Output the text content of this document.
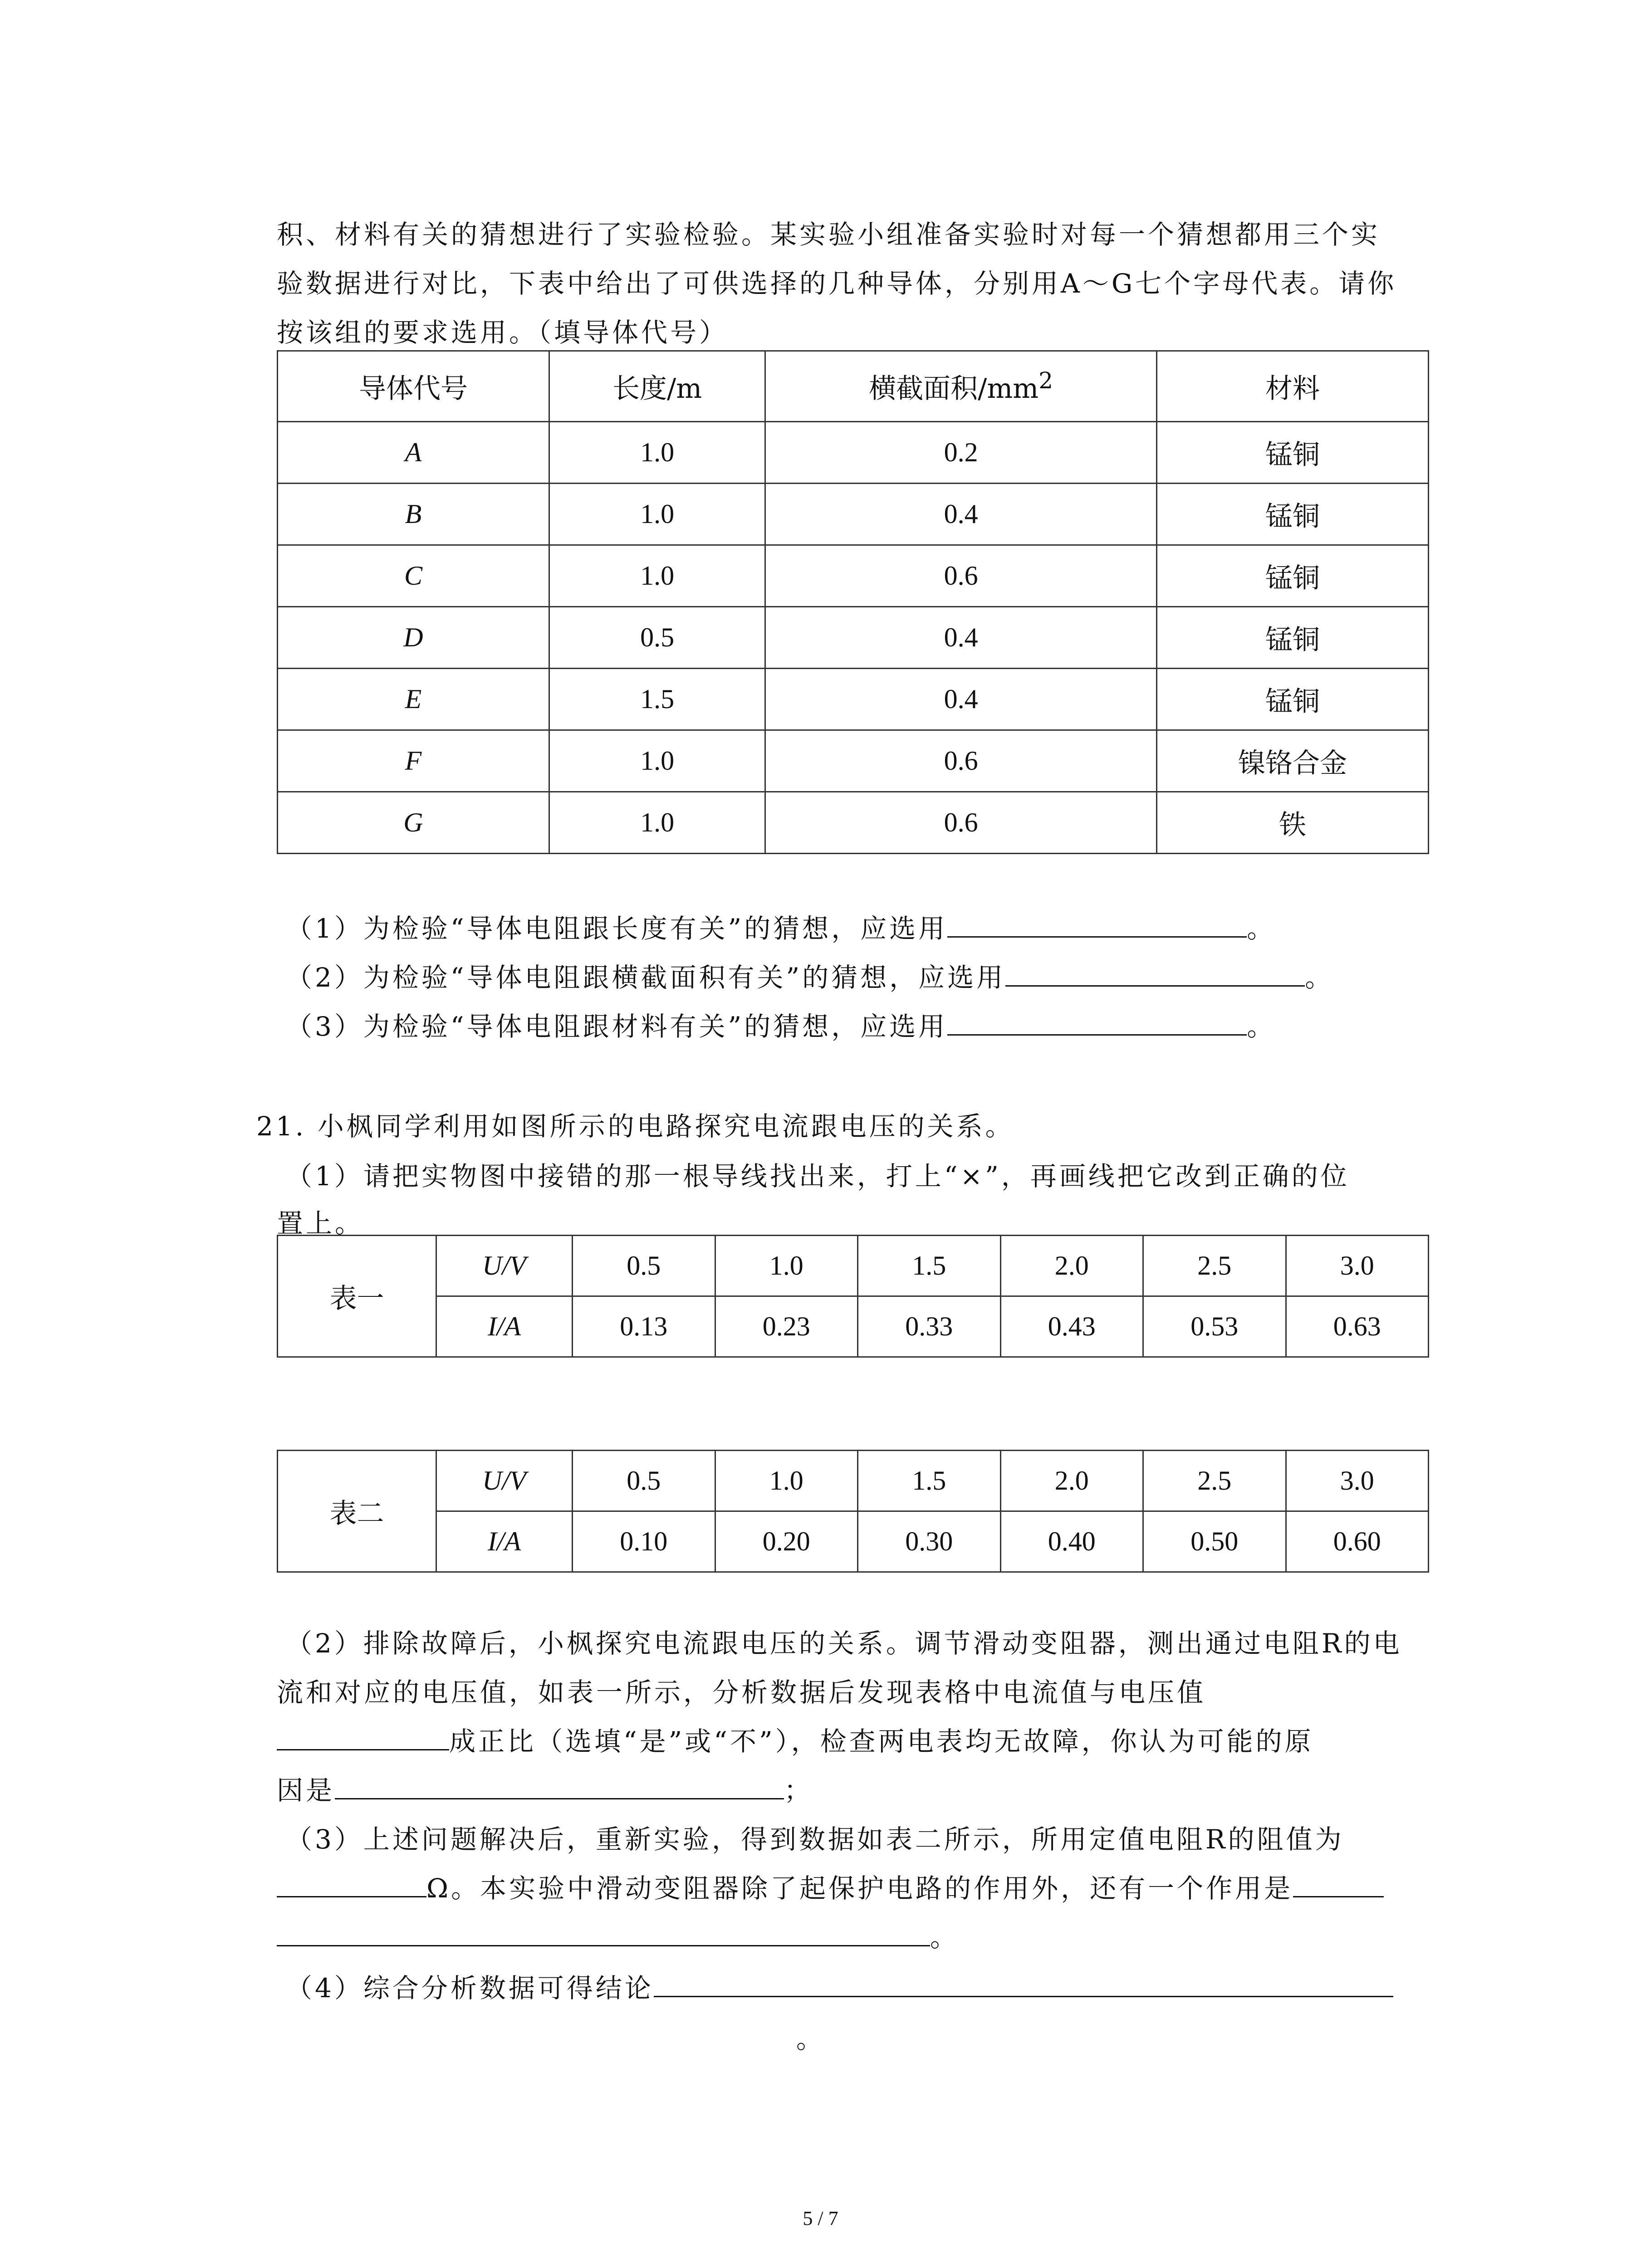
积、材料有关的猜想进行了实验检验。某实验小组准备实验时对每一个猜想都用三个实
验数据进行对比，下表中给出了可供选择的几种导体，分别用A～G七个字母代表。请你
按该组的要求选用。（填导体代号）
导体代号	长度/m	横截面积$/mm^2$	材料
A	1.0	0.2	锰铜
B	1.0	0.4	锰铜
C	1.0	0.6	锰铜
D	0.5	0.4	锰铜
E	1.5	0.4	锰铜
F	1.0	0.6	镍铬合金
G	1.0	0.6	铁
（1）为检验“导体电阻跟长度有关”的猜想，应选用	。
（2）为检验“导体电阻跟横截面积有关”的猜想，应选用	。
（3）为检验“导体电阻跟材料有关”的猜想，应选用	。
21. 小枫同学利用如图所示的电路探究电流跟电压的关系。
（1）请把实物图中接错的那一根导线找出来，打上“×”，再画线把它改到正确的位
置上。
表一	U/V	0.5	1.0	1.5	2.0	2.5	3.0
	I/A	0.13	0.23	0.33	0.43	0.53	0.63
表二	U/V	0.5	1.0	1.5	2.0	2.5	3.0
	I/A	0.10	0.20	0.30	0.40	0.50	0.60
（2）排除故障后，小枫探究电流跟电压的关系。调节滑动变阻器，测出通过电阻R的电
流和对应的电压值，如表一所示，分析数据后发现表格中电流值与电压值
成正比（选填“是”或“不”），检查两电表均无故障，你认为可能的原
因是	；
（3）上述问题解决后，重新实验，得到数据如表二所示，所用定值电阻R的阻值为
Ω。本实验中滑动变阻器除了起保护电路的作用外，还有一个作用是
。
（4）综合分析数据可得结论
。
5 / 7
